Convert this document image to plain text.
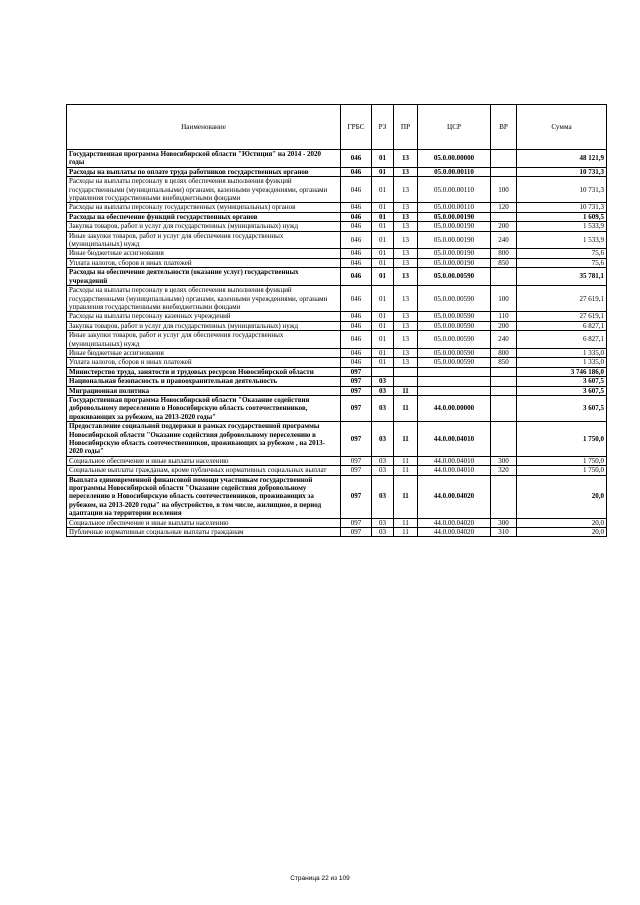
Наименование	ГРБС	РЗ	ПР	ЦСР	ВР	Сумма
Государственная программа Новосибирской области "Юстиция" на 2014 - 2020 годы	046	01	13	05.0.00.00000		48 121,9
Расходы на выплаты по оплате труда работников государственных органов	046	01	13	05.0.00.00110		10 731,3
Расходы на выплаты персоналу в целях обеспечения выполнения функций государственными (муниципальными) органами, казенными учреждениями, органами управления государственными внебюджетными фондами	046	01	13	05.0.00.00110	100	10 731,3
Расходы на выплаты персоналу государственных (муниципальных) органов	046	01	13	05.0.00.00110	120	10 731,3
Расходы на обеспечение функций государственных органов	046	01	13	05.0.00.00190		1 609,5
Закупка товаров, работ и услуг для государственных (муниципальных) нужд	046	01	13	05.0.00.00190	200	1 533,9
Иные закупки товаров, работ и услуг для обеспечения государственных (муниципальных) нужд	046	01	13	05.0.00.00190	240	1 533,9
Иные бюджетные ассигнования	046	01	13	05.0.00.00190	800	75,6
Уплата налогов, сборов и иных платежей	046	01	13	05.0.00.00190	850	75,6
Расходы на обеспечение деятельности (оказание услуг) государственных учреждений	046	01	13	05.0.00.00590		35 781,1
Расходы на выплаты персоналу в целях обеспечения выполнения функций государственными (муниципальными) органами, казенными учреждениями, органами управления государственными внебюджетными фондами	046	01	13	05.0.00.00590	100	27 619,1
Расходы на выплаты персоналу казенных учреждений	046	01	13	05.0.00.00590	110	27 619,1
Закупка товаров, работ и услуг для государственных (муниципальных) нужд	046	01	13	05.0.00.00590	200	6 827,1
Иные закупки товаров, работ и услуг для обеспечения государственных (муниципальных) нужд	046	01	13	05.0.00.00590	240	6 827,1
Иные бюджетные ассигнования	046	01	13	05.0.00.00590	800	1 335,0
Уплата налогов, сборов и иных платежей	046	01	13	05.0.00.00590	850	1 335,0
Министерство труда, занятости и трудовых ресурсов Новосибирской области	097					3 746 186,0
Национальная безопасность и правоохранительная деятельность	097	03				3 607,5
Миграционная политика	097	03	11			3 607,5
Государственная программа Новосибирской области "Оказание содействия добровольному переселению в Новосибирскую область соотечественников, проживающих за рубежом, на 2013-2020 годы"	097	03	11	44.0.00.00000		3 607,5
Предоставление социальной поддержки в рамках государственной программы Новосибирской области "Оказание содействия добровольному переселению в Новосибирскую область соотечественников, проживающих за рубежом , на 2013-2020 годы"	097	03	11	44.0.00.04010		1 750,0
Социальное обеспечение и иные выплаты населению	097	03	11	44.0.00.04010	300	1 750,0
Социальные выплаты гражданам, кроме публичных нормативных социальных выплат	097	03	11	44.0.00.04010	320	1 750,0
Выплата единовременной финансовой помощи участникам государственной программы Новосибирской области "Оказание содействия добровольному переселению в Новосибирскую область соотечественников, проживающих за рубежом, на 2013-2020 годы" на обустройство, в том числе, жилищное, в период адаптации на территории вселения	097	03	11	44.0.00.04020		20,0
Социальное обеспечение и иные выплаты населению	097	03	11	44.0.00.04020	300	20,0
Публичные нормативные социальные выплаты гражданам	097	03	11	44.0.00.04020	310	20,0
Страница 22 из 109
